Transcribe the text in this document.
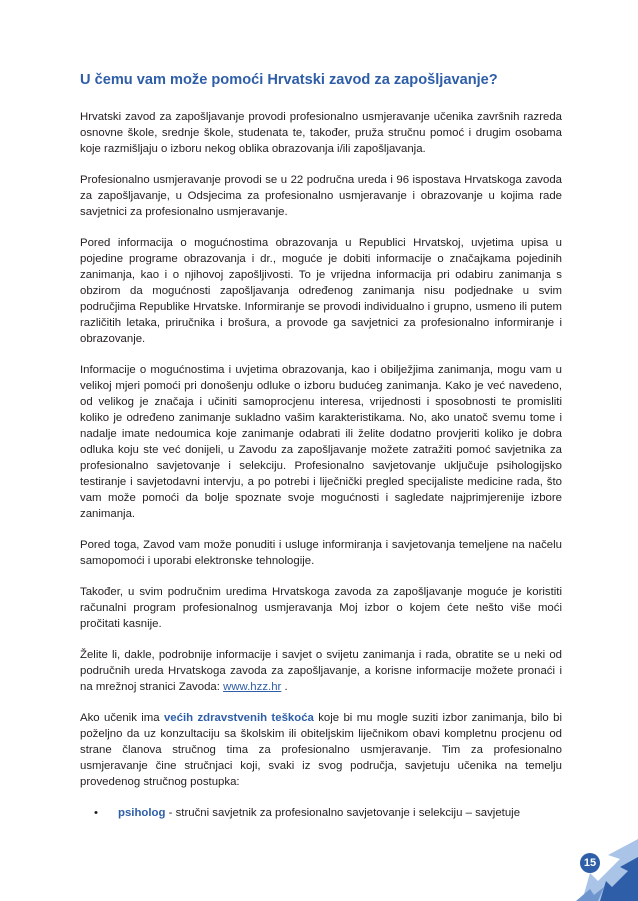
U čemu vam može pomoći Hrvatski zavod za zapošljavanje?

Hrvatski zavod za zapošljavanje provodi profesionalno usmjeravanje učenika završnih razreda osnovne škole, srednje škole, studenata te, također, pruža stručnu pomoć i drugim osobama koje razmišljaju o izboru nekog oblika obrazovanja i/ili zapošljavanja.

Profesionalno usmjeravanje provodi se u 22 područna ureda i 96 ispostava Hrvatskoga zavoda za zapošljavanje, u Odsjecima za profesionalno usmjeravanje i obrazovanje u kojima rade savjetnici za profesionalno usmjeravanje.

Pored informacija o mogućnostima obrazovanja u Republici Hrvatskoj, uvjetima upisa u pojedine programe obrazovanja i dr., moguće je dobiti informacije o značajkama pojedinih zanimanja, kao i o njihovoj zapošljivosti. To je vrijedna informacija pri odabiru zanimanja s obzirom da mogućnosti zapošljavanja određenog zanimanja nisu podjednake u svim područjima Republike Hrvatske. Informiranje se provodi individualno i grupno, usmeno ili putem različitih letaka, priručnika i brošura, a provode ga savjetnici za profesionalno informiranje i obrazovanje.

Informacije o mogućnostima i uvjetima obrazovanja, kao i obilježjima zanimanja, mogu vam u velikoj mjeri pomoći pri donošenju odluke o izboru budućeg zanimanja. Kako je već navedeno, od velikog je značaja i učiniti samoprocjenu interesa, vrijednosti i sposobnosti te promisliti koliko je određeno zanimanje sukladno vašim karakteristikama. No, ako unatoč svemu tome i nadalje imate nedoumica koje zanimanje odabrati ili želite dodatno provjeriti koliko je dobra odluka koju ste već donijeli, u Zavodu za zapošljavanje možete zatražiti pomoć savjetnika za profesionalno savjetovanje i selekciju. Profesionalno savjetovanje uključuje psihologijsko testiranje i savjetodavni intervju, a po potrebi i liječnički pregled specijaliste medicine rada, što vam može pomoći da bolje spoznate svoje mogućnosti i sagledate najprimjerenije izbore zanimanja.

Pored toga, Zavod vam može ponuditi i usluge informiranja i savjetovanja temeljene na načelu samopomoći i uporabi elektronske tehnologije.

Također, u svim područnim uredima Hrvatskoga zavoda za zapošljavanje moguće je koristiti računalni program profesionalnog usmjeravanja Moj izbor o kojem ćete nešto više moći pročitati kasnije.

Želite li, dakle, podrobnije informacije i savjet o svijetu zanimanja i rada, obratite se u neki od područnih ureda Hrvatskoga zavoda za zapošljavanje, a korisne informacije možete pronaći i na mrežnoj stranici Zavoda: www.hzz.hr .

Ako učenik ima većih zdravstvenih teškoća koje bi mu mogle suziti izbor zanimanja, bilo bi poželjno da uz konzultaciju sa školskim ili obiteljskim liječnikom obavi kompletnu procjenu od strane članova stručnog tima za profesionalno usmjeravanje. Tim za profesionalno usmjeravanje čine stručnjaci koji, svaki iz svog područja, savjetuju učenika na temelju provedenog stručnog postupka:

• psiholog - stručni savjetnik za profesionalno savjetovanje i selekciju – savjetuje
15
